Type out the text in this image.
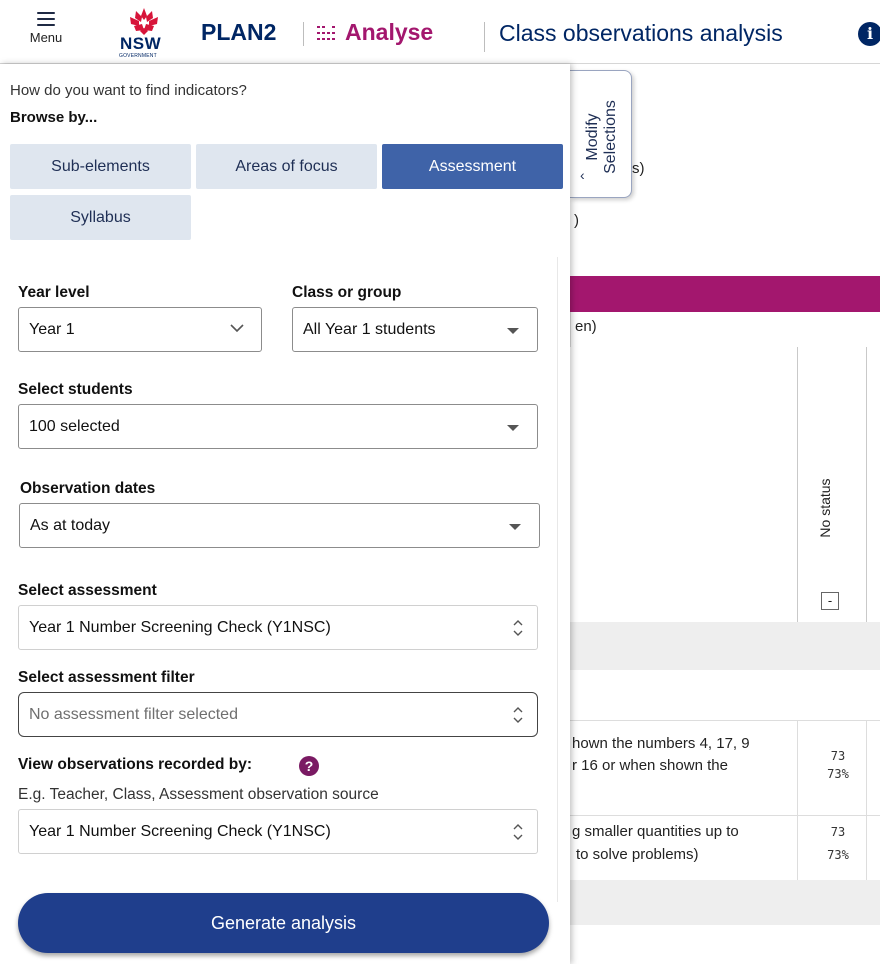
Menu	NSW
GOVERNMENT
PLAN2	Analyse	Class observations analysis	i
s)
)
en)
No status
-
hown the numbers 4, 17, 9
r 16 or when shown the
73
73%
g smaller quantities up to
to solve problems)
73
73%
Modify Selections
‹
How do you want to find indicators?
Browse by...
Sub-elements	Areas of focus	Assessment
Syllabus
Year level
Year 1
Class or group
All Year 1 students
Select students
100 selected
Observation dates
As at today
Select assessment
Year 1 Number Screening Check (Y1NSC)
Select assessment filter
No assessment filter selected
View observations recorded by:	?
E.g. Teacher, Class, Assessment observation source
Year 1 Number Screening Check (Y1NSC)
Generate analysis
